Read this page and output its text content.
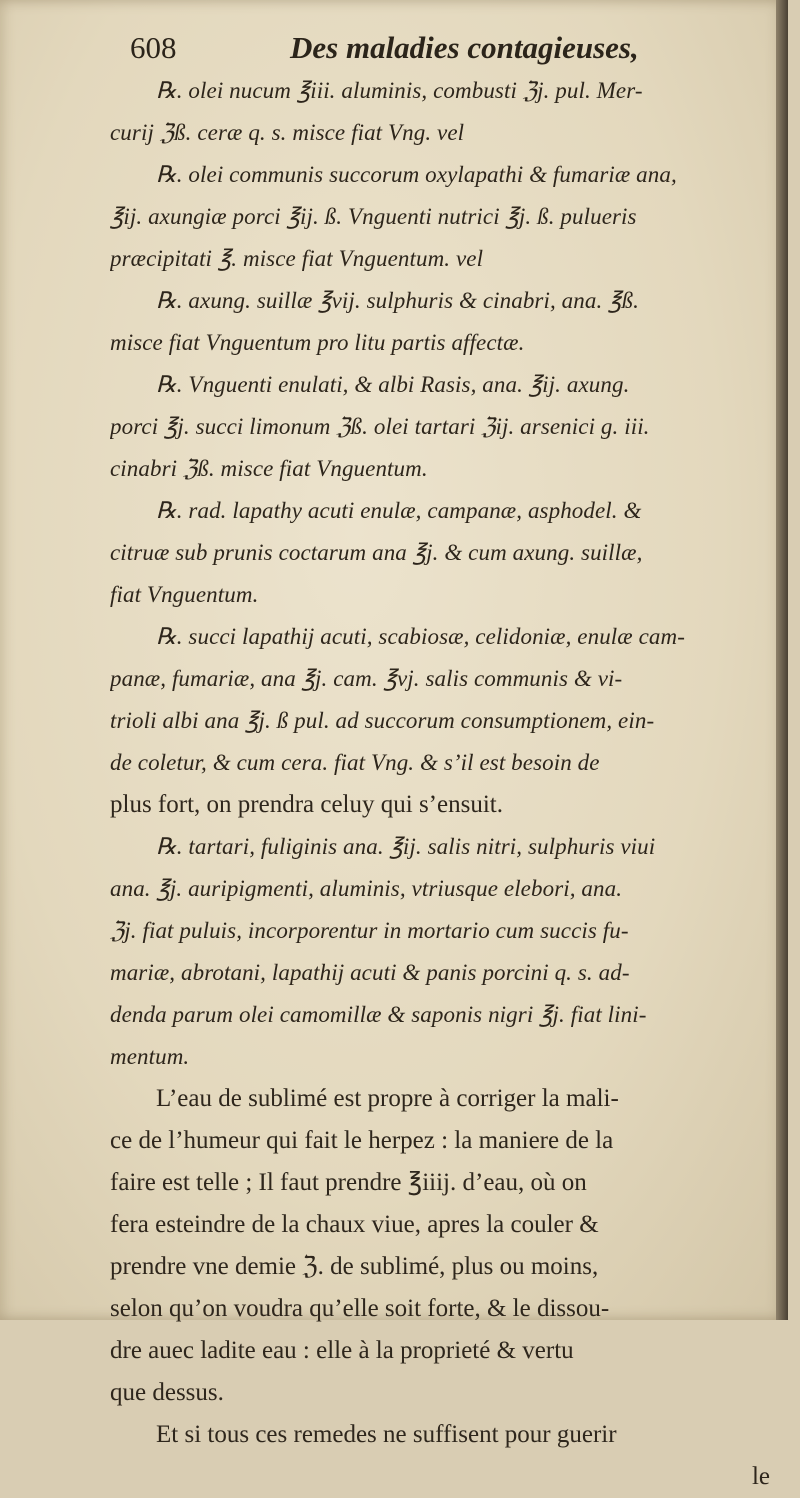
608	Des maladies contagieuses,
℞. olei nucum ℥iii. aluminis, combusti ℨj. pul. Mer-
curij ℨß. ceræ q. s. misce fiat Vng. vel
℞. olei communis succorum oxylapathi & fumariæ ana,
℥ij. axungiæ porci ℥ij. ß. Vnguenti nutrici ℥j. ß. pulueris
præcipitati ℥. misce fiat Vnguentum. vel
℞. axung. suillæ ℥vij. sulphuris & cinabri, ana. ℥ß.
misce fiat Vnguentum pro litu partis affectæ.
℞. Vnguenti enulati, & albi Rasis, ana. ℥ij. axung.
porci ℥j. succi limonum ℨß. olei tartari ℨij. arsenici g. iii.
cinabri ℨß. misce fiat Vnguentum.
℞. rad. lapathy acuti enulæ, campanæ, asphodel. &
citruæ sub prunis coctarum ana ℥j. & cum axung. suillæ,
fiat Vnguentum.
℞. succi lapathij acuti, scabiosæ, celidoniæ, enulæ cam-
panæ, fumariæ, ana ℥j. cam. ℥vj. salis communis & vi-
trioli albi ana ℥j. ß pul. ad succorum consumptionem, ein-
de coletur, & cum cera. fiat Vng. & s’il est besoin de
plus fort, on prendra celuy qui s’ensuit.
℞. tartari, fuliginis ana. ℥ij. salis nitri, sulphuris viui
ana. ℥j. auripigmenti, aluminis, vtriusque elebori, ana.
ℨj. fiat puluis, incorporentur in mortario cum succis fu-
mariæ, abrotani, lapathij acuti & panis porcini q. s. ad-
denda parum olei camomillæ & saponis nigri ℥j. fiat lini-
mentum.
L’eau de sublimé est propre à corriger la mali-
ce de l’humeur qui fait le herpez : la maniere de la
faire est telle ; Il faut prendre ℥iiij. d’eau, où on
fera esteindre de la chaux viue, apres la couler &
prendre vne demie ℨ. de sublimé, plus ou moins,
selon qu’on voudra qu’elle soit forte, & le dissou-
dre auec ladite eau : elle à la proprieté & vertu
que dessus.
Et si tous ces remedes ne suffisent pour guerir
le
